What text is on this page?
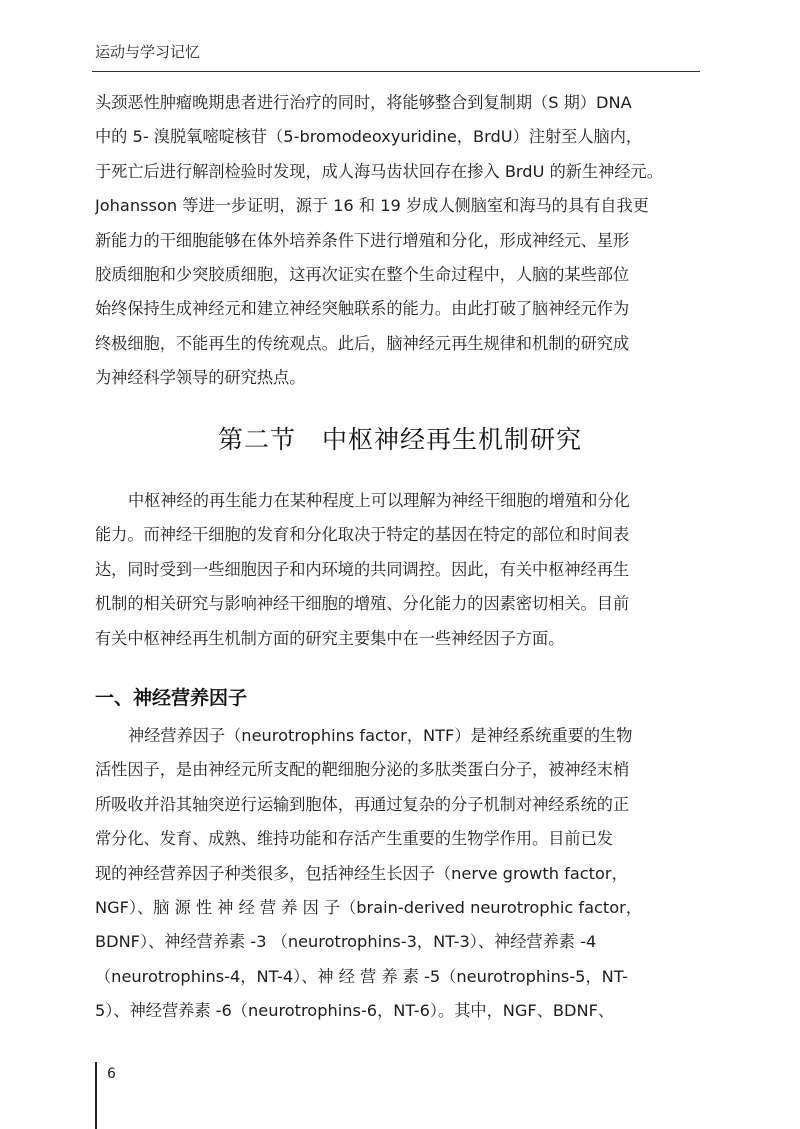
运动与学习记忆
头颈恶性肿瘤晚期患者进行治疗的同时，将能够整合到复制期（S 期）DNA
中的 5- 溴脱氧嘧啶核苷（5-bromodeoxyuridine，BrdU）注射至人脑内，
于死亡后进行解剖检验时发现，成人海马齿状回存在掺入 BrdU 的新生神经元。
Johansson 等进一步证明，源于 16 和 19 岁成人侧脑室和海马的具有自我更
新能力的干细胞能够在体外培养条件下进行增殖和分化，形成神经元、星形
胶质细胞和少突胶质细胞，这再次证实在整个生命过程中，人脑的某些部位
始终保持生成神经元和建立神经突触联系的能力。由此打破了脑神经元作为
终极细胞，不能再生的传统观点。此后，脑神经元再生规律和机制的研究成
为神经科学领导的研究热点。
第二节　中枢神经再生机制研究
中枢神经的再生能力在某种程度上可以理解为神经干细胞的增殖和分化
能力。而神经干细胞的发育和分化取决于特定的基因在特定的部位和时间表
达，同时受到一些细胞因子和内环境的共同调控。因此，有关中枢神经再生
机制的相关研究与影响神经干细胞的增殖、分化能力的因素密切相关。目前
有关中枢神经再生机制方面的研究主要集中在一些神经因子方面。
一、神经营养因子
神经营养因子（neurotrophins factor，NTF）是神经系统重要的生物
活性因子，是由神经元所支配的靶细胞分泌的多肽类蛋白分子，被神经末梢
所吸收并沿其轴突逆行运输到胞体，再通过复杂的分子机制对神经系统的正
常分化、发育、成熟、维持功能和存活产生重要的生物学作用。目前已发
现的神经营养因子种类很多，包括神经生长因子（nerve growth factor，
NGF）、脑 源 性 神 经 营 养 因 子（brain-derived neurotrophic factor，
BDNF）、神经营养素 -3 （neurotrophins-3，NT-3）、神经营养素 -4
（neurotrophins-4，NT-4）、神 经 营 养 素 -5（neurotrophins-5，NT-
5）、神经营养素 -6（neurotrophins-6，NT-6）。其中，NGF、BDNF、
6
